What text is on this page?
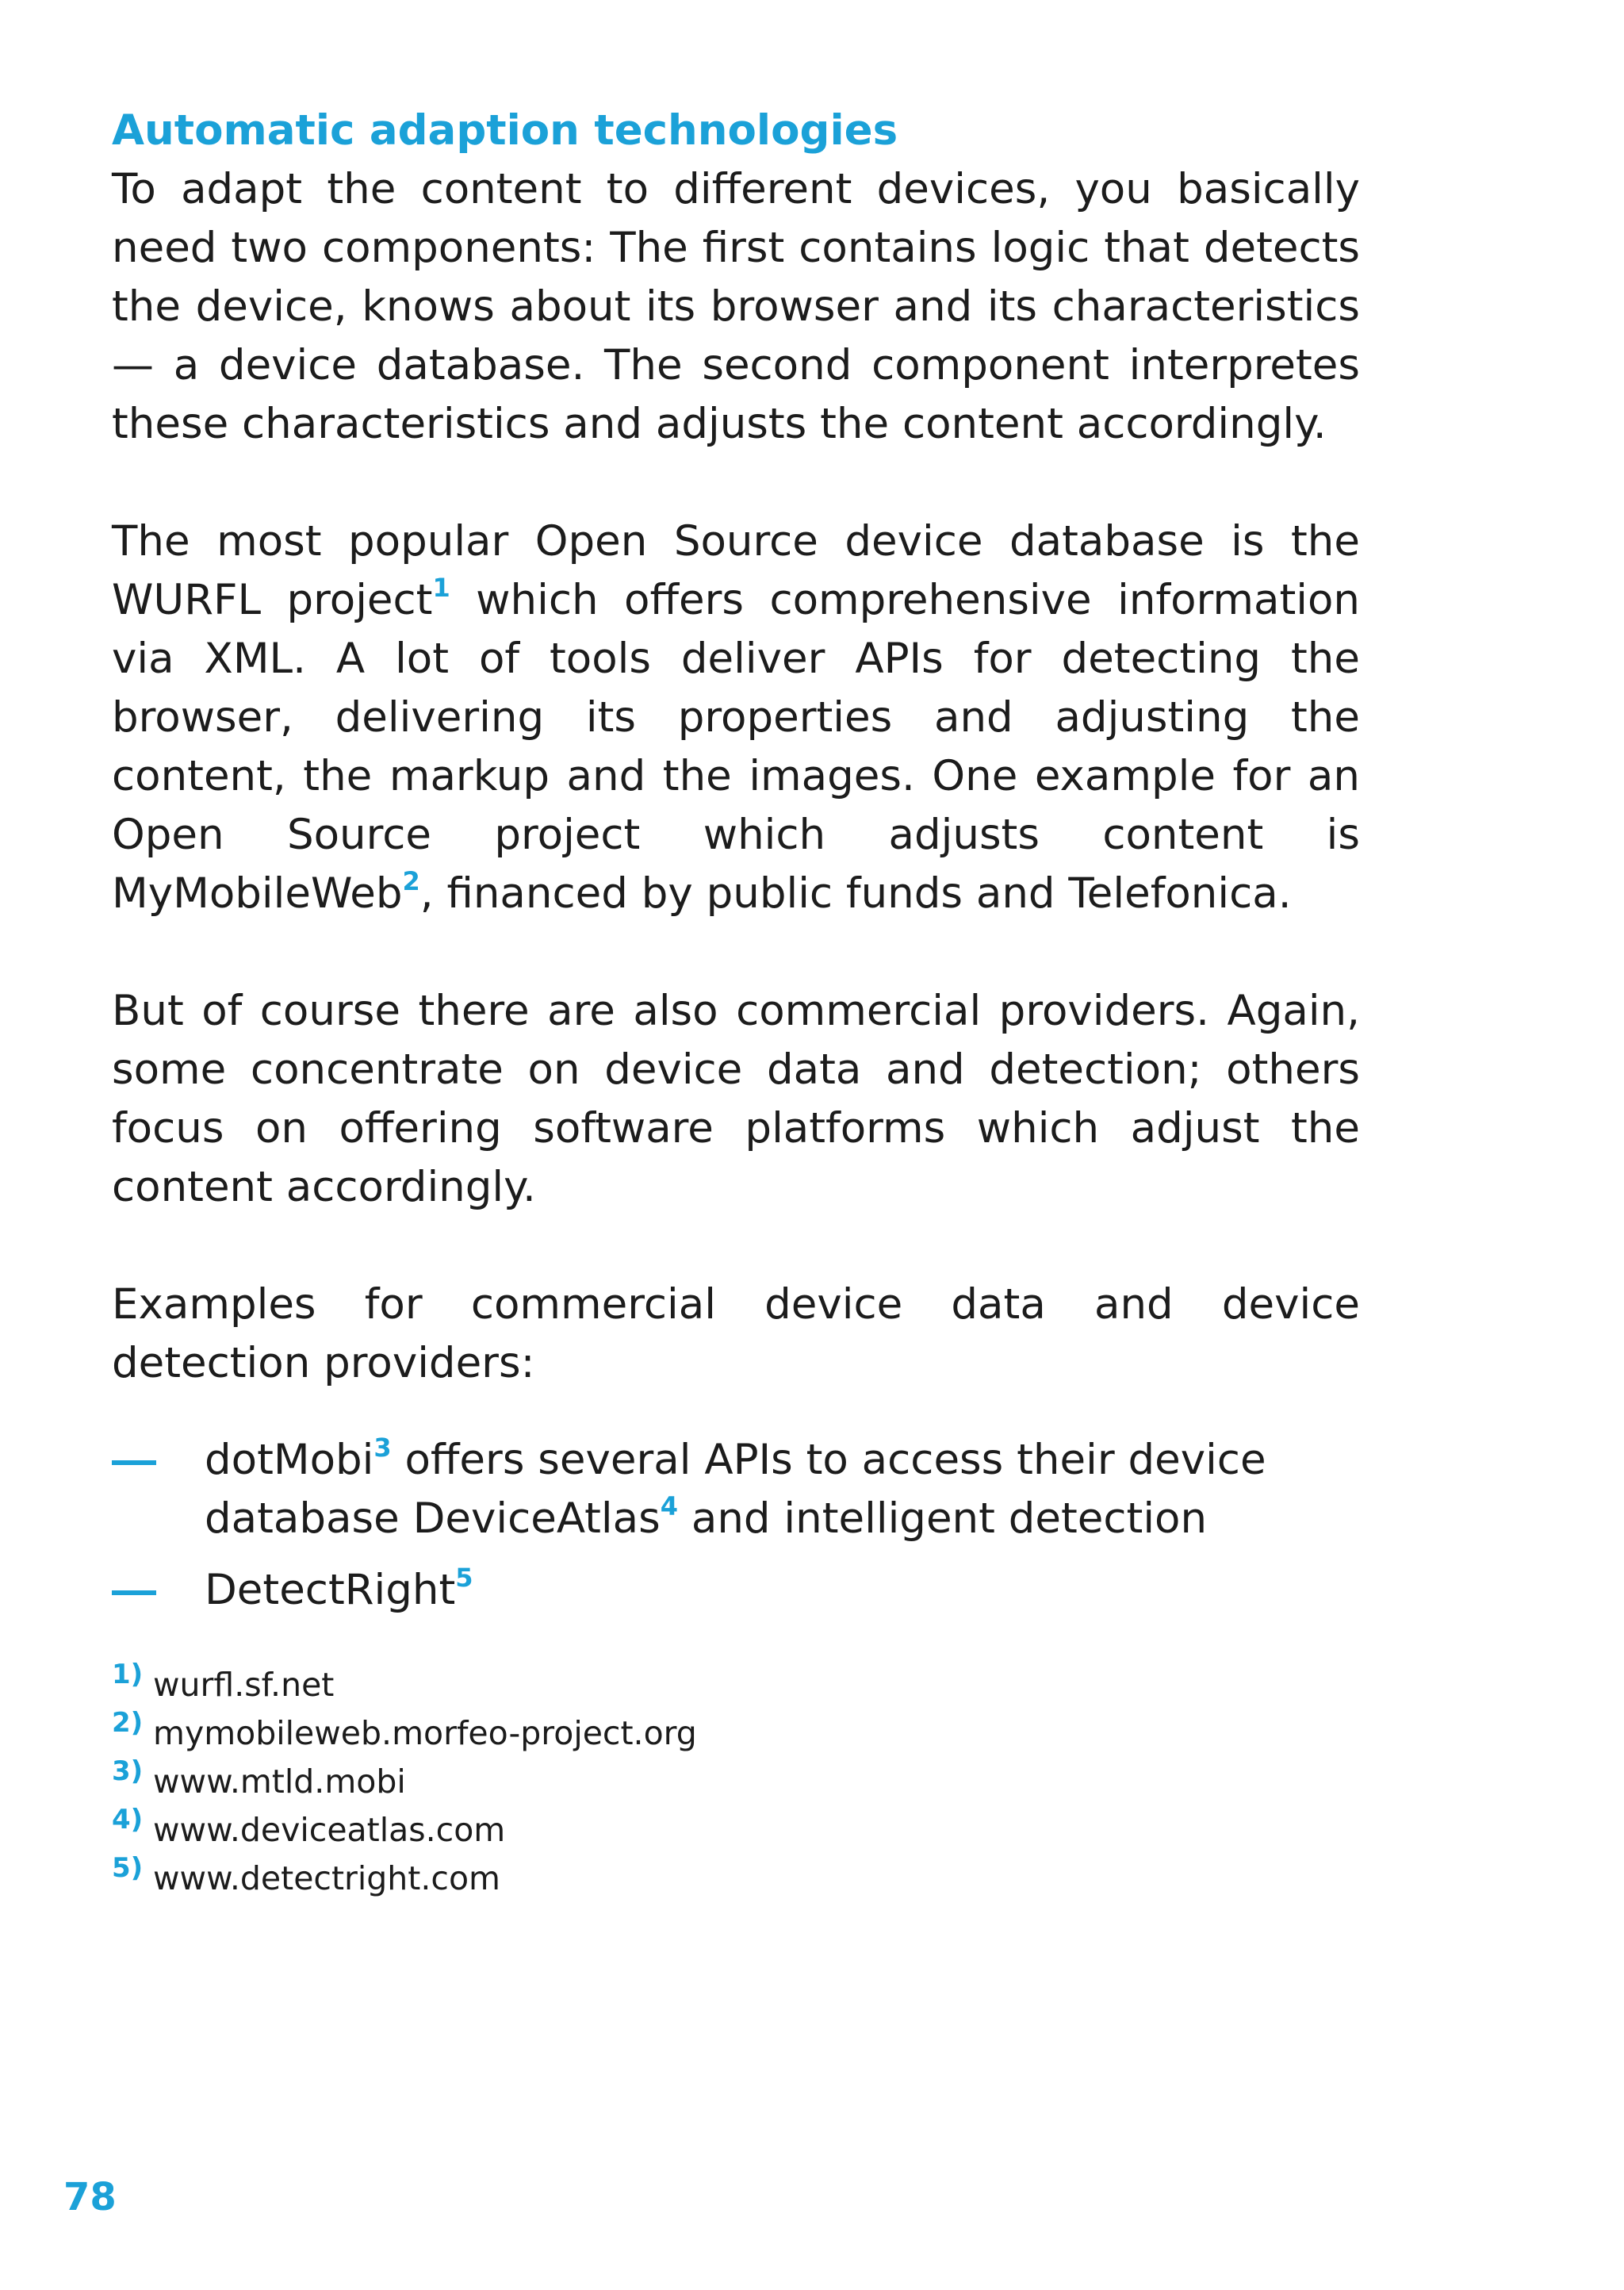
Automatic adaption technologies

To adapt the content to different devices, you basically need two components: The first contains logic that detects the device, knows about its browser and its characteristics — a device database. The second component interpretes these characteristics and adjusts the content accordingly.

The most popular Open Source device database is the WURFL project$^1$ which offers comprehensive information via XML. A lot of tools deliver APIs for detecting the browser, delivering its properties and adjusting the content, the markup and the images. One example for an Open Source project which adjusts content is MyMobileWeb$^2$, financed by public funds and Telefonica.

But of course there are also commercial providers. Again, some concentrate on device data and detection; others focus on offering software platforms which adjust the content accordingly.

Examples for commercial device data and device detection providers:

dotMobi$^3$ offers several APIs to access their device database DeviceAtlas$^4$ and intelligent detection
DetectRight$^5$
1) wurfl.sf.net
2) mymobileweb.morfeo-project.org
3) www.mtld.mobi
4) www.deviceatlas.com
5) www.detectright.com
78
